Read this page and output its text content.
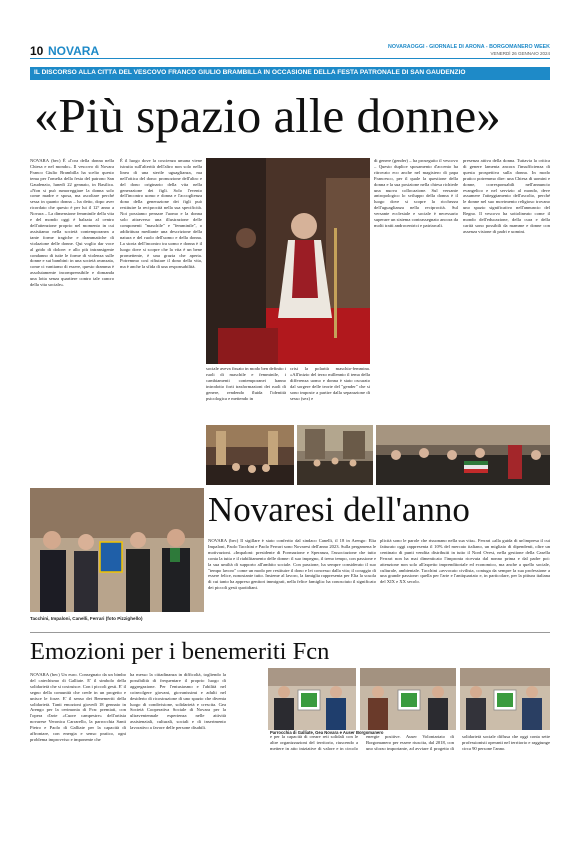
10 NOVARA	NOVARAOGGI - GIORNALE DI ARONA - BORGOMANERO WEEK
VENERDÌ 26 GENNAIO 2024
IL DISCORSO ALLA CITTÀ DEL VESCOVO FRANCO GIULIO BRAMBILLA IN OCCASIONE DELLA FESTA PATRONALE DI SAN GAUDENZIO
«Più spazio alle donne»
NOVARA (bec) È «l'ora della donna nella Chiesa e nel mondo». Il vescovo di Novara Franco Giulio Brambilla ha scelto questo tema per l'omelia della festa del patrono San Gaudenzio, lunedì 22 gennaio, in Basilica. «Non si può rumoreggiare la donna solo come madre e sposa, ma ascoltare perché sessa in quanto donna – ha detto, dopo aver ricordato che questo è per lui il 12° anno a Novara – La dimensione femminile della vita e del mondo oggi è balzata al centro dell'attenzione proprio nel momento in cui assistiamo nella società contemporanea a tante forme tragiche e drammatiche di violazione delle donne. Qui voglio dar voce al grido di dolore: e allo più intransigente condanno di tutte le forme di violenza sulle donne e sui bambini: in una società avanzata, come ci vantiamo di essere, questo dramma è assolutamente incomprensibile e domanda una lotta senza quartiere contro tale cancro della vita sociale».
È il luogo dove la coscienza umana viene istruita sull'alterità dell'altro non solo nella linea di una sterile uguaglianza, ma nell'ottica del dono: promozione dell'altro e del dono originario della vita nella generazione dei figli. Solo l'evento dell'incontro uomo e donna e l'accoglienza dono della generazione dei figli può restituire la reciprocità nella sua specificità. Noi possiamo pensare l'uomo e la donna solo attraverso una illustrazione delle componenti "maschile" e "femminile", o addirittura mediante una descrizione della natura e del ruolo dell'uomo e della donna. La storia dell'incontro tra uomo e donna è il luogo dove si scopre che la vita è un bene promettente, è una grazia che aperta. Potremmo così rifiutare il dono della vita, ma è anche la sfida di una responsabilità.
sociale aveva fissato in modo ben definito i ruoli di maschile e femminile, i cambiamenti contemporanei hanno introdotto forti trasformazioni dei ruoli di genere, rendendo fluida l'identità psicologica e mettendo in
crisi la polarità maschio-femmina. «All'inizio del terzo millennio il tema della differenza uomo e donna è stato oscurato dal sorgere delle teorie del "gender" che si sono imposte a partire dalla separazione di sesso (sex) e
di genere (gender) – ha proseguito il vescovo – Questo duplice sposamento d'accento ha ritrovato eco anche nel magistero di papa Francesco, per il quale la questione della donna e la sua posizione nella chiesa richiede una nuova collocazione. Sul versante antropologico lo sviluppo della donna è il luogo dove si scopre la ricchezza dell'uguaglianza nella reciprocità. Sul versante ecclesiale e sociale è necessario superare un sistema contrassegnato ancora da molti tratti androcentrici e patriarcali.
presenza attiva della donna. Tuttavia la critica di genere lamenta ancora l'insufficienza di questa prospettiva sulla donna. In modo pratico potremmo dire: una Chiesa di uomini e donne, corresponsabili nell'annuncio evangelico e nel servizio al mondo, deve assumere l'atteggiamento dell'ascolto, perché le donne nel suo movimento religioso trovano uno spazio significativo nell'annuncio del Regno. Il vescovo ha sottolineato come il mondo dell'educazione, della cura e della carità sono possibili da mamme e donne con assenza visione di padri e uomini.
Tacchini, Impaloni, Canelli, Ferrari (foto Pizzighello)
Novaresi dell'anno
NOVARA (bec) Il sigillare è stato conferito dal sindaco Canelli, il 18 in Arengo: Elia Impaloni, Paolo Tacchini e Paolo Ferrari sono Novaresi dell'anno 2023. Sulla pergamena le motivazioni. «Impaloni: presidente di Formazione e Speranza, l'associazione che tutto conta la tutta e il riabilitamento delle donne: il suo impegno, il treno tempo, con passione e la sua umiltà di supporto all'ambito sociale. Con passione, ha sempre considerato il suo "tempo lavoro" come un modo per restituire il dono e lei concesso dalla vita; il coraggio di essere felice, nonostante tutto. Insieme al lavoro, la famiglia rappresenta per Elia la scuola di cui tanto ha appreso genitori immigrati, nella felice famiglia: ha conosciuto il significato dei piccoli gesti quotidiani.
plicità sono le parole che risuonano nella sua vita». Ferrari «alla guida di un'impresa il cui fatturato oggi rappresenta il 10% del mercato italiano, un migliaio di dipendenti, oltre un centinaio di punti vendita distribuiti in tutto il Nord Ovest, nella gestione della Casella Ferrari non ha mai dimenticato l'impronta ricevuta dal nonno prima e dal padre poi: attenzione non solo all'aspetto imprenditoriale ed economico, ma anche a quello sociale, culturale, ambientale. Tacchini «avvocato civilista, coniuga da sempre la sua professione a una grande passione: quella per l'arte e l'antiquariato e, in particolare, per la pittura italiana del XIX e XX secolo.
Emozioni per i benemeriti Fcn
NOVARA (bec) Un euro. Consegnato da un bimbo del catechismo di Galliate. E' il simbolo della solidarietà che si costruisce. Con i piccoli gesti. E' il segno della comunità che crede in un progetto e unisce le forze. E' il senso dei Benemeriti della solidarietà. Tanti emozioni giovedì 18 gennaio in Arengo per la cerimonia di Fcn: premiati, con l'opera d'arte «Cuore campestre» dell'artista novarese Veronica Carrarello, la parrocchia Santi Pietro e Paolo di Galliate per la capacità di affrontare, con energia e senso pratico, ogni problema improvviso e imponente che
ha messo la cittadinanza in difficoltà, togliendo la possibilità di frequentare il proprio luogo di aggregazione. Per l'entusiasmo e l'abilità nel coinvolgere giovani, giovanissimi e adulti nel desiderio di ricostruzione di uno spazio che diventa luogo di condivisione, solidarietà e crescita. Gea Società Cooperativa Sociale di Novara per la ultraventennale esperienza nelle attività assistenziali, culturali, sociali e di inserimento lavorativo a favore delle persone disabili.
e per la capacità di creare reti solidali con le altre organizzazioni del territorio, riuscendo a mettere in atto iniziative di valore e in circolo energie positive. Auser Volontariato di Borgomanero per essere riuscita, dal 2018, con uno sforzo importante, ad avviare il progetto di solidarietà sociale diffusa che oggi conta sette professionisti operanti nel territorio e raggiunge circa 90 persone l'anno.
Parrocchia di Galliate, Gea Novara e Auser Borgomanero
